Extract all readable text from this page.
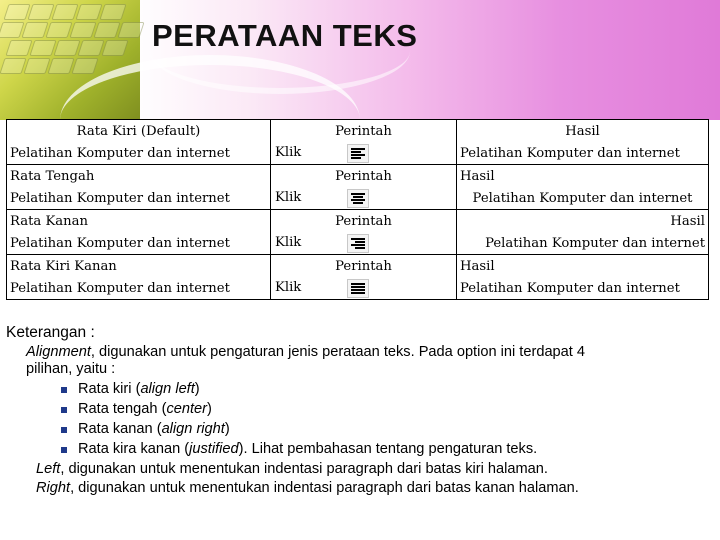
PERATAAN TEKS
Rata Kiri (Default)	Perintah	Hasil
Pelatihan Komputer dan internet	Klik	Pelatihan Komputer dan internet
Rata Tengah	Perintah	Hasil
Pelatihan Komputer dan internet	Klik	Pelatihan Komputer dan internet
Rata Kanan	Perintah	Hasil
Pelatihan Komputer dan internet	Klik	Pelatihan Komputer dan internet
Rata Kiri Kanan	Perintah	Hasil
Pelatihan Komputer dan internet	Klik	Pelatihan Komputer dan internet

Keterangan :

Alignment, digunakan untuk pengaturan jenis perataan teks. Pada option ini terdapat 4

pilihan, yaitu :

Rata kiri (align left)
Rata tengah (center)
Rata kanan (align right)
Rata kira kanan (justified). Lihat pembahasan tentang pengaturan teks.

Left, digunakan untuk menentukan indentasi paragraph dari batas kiri halaman.

Right, digunakan untuk menentukan indentasi paragraph dari batas kanan halaman.
